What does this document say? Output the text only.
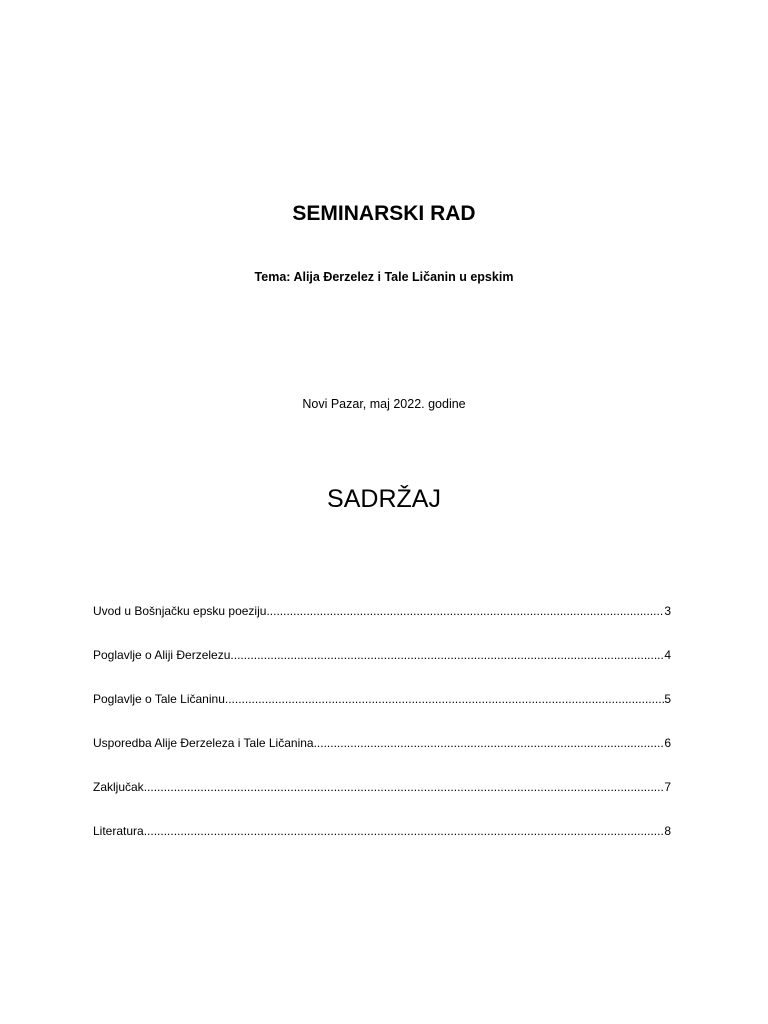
SEMINARSKI RAD
Tema: Alija Đerzelez i Tale Ličanin u epskim
Novi Pazar, maj 2022. godine
SADRŽAJ
Uvod u Bošnjačku epsku poeziju .....	3
Poglavlje o Aliji Đerzelezu .....	4
Poglavlje o Tale Ličaninu .....	5
Usporedba Alije Đerzeleza i Tale Ličanina .....	6
Zaključak .....	7
Literatura .....	8
